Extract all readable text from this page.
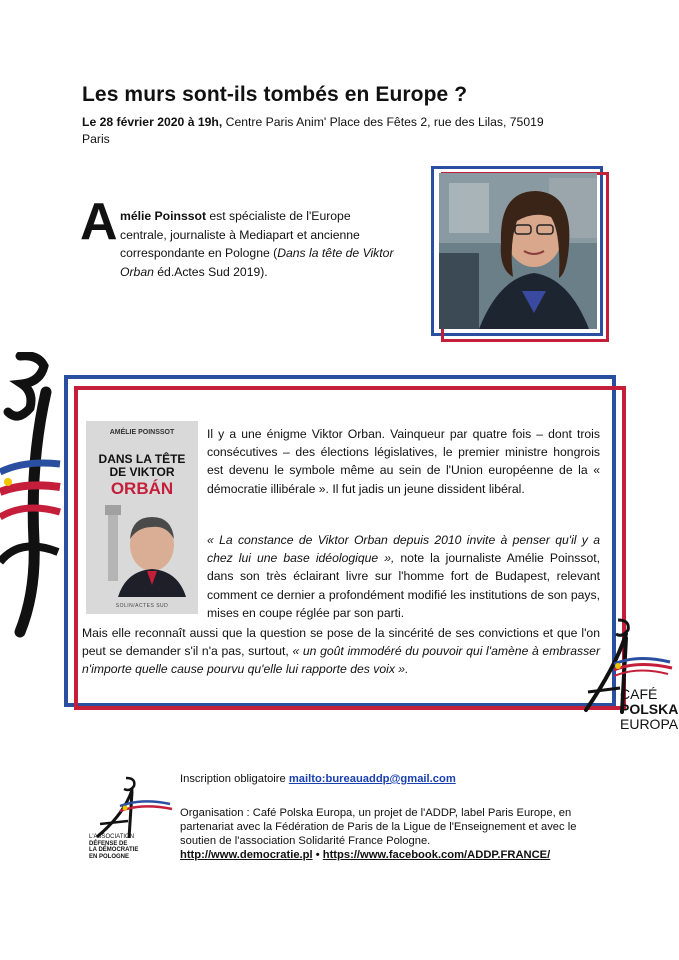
Les murs sont-ils tombés en Europe ?
Le 28 février 2020 à 19h, Centre Paris Anim' Place des Fêtes 2, rue des Lilas, 75019 Paris
A mélie Poinssot est spécialiste de l'Europe centrale, journaliste à Mediapart et ancienne correspondante en Pologne (Dans la tête de Viktor Orban éd.Actes Sud 2019).
AMÉLIE POINSSOT
DANS LA TÊTE
DE VIKTOR
ORBÁN
SOLIN/ACTES SUD
Il y a une énigme Viktor Orban. Vainqueur par quatre fois – dont trois consécutives – des élections législatives, le premier ministre hongrois est devenu le symbole même au sein de l'Union européenne de la « démocratie illibérale ». Il fut jadis un jeune dissident libéral.
« La constance de Viktor Orban depuis 2010 invite à penser qu'il y a chez lui une base idéologique », note la journaliste Amélie Poinssot, dans son très éclairant livre sur l'homme fort de Budapest, relevant comment ce dernier a profondément modifié les institutions de son pays, mises en coupe réglée par son parti.
Mais elle reconnaît aussi que la question se pose de la sincérité de ses convictions et que l'on peut se demander s'il n'a pas, surtout, « un goût immodéré du pouvoir qui l'amène à embrasser n'importe quelle cause pourvu qu'elle lui rapporte des voix ».
CAFÉ
POLSKA
EUROPA
L'ASSOCIATION
DÉFENSE DE
LA DÉMOCRATIE
EN POLOGNE
Inscription obligatoire mailto:bureauaddp@gmail.com
Organisation : Café Polska Europa, un projet de l'ADDP, label Paris Europe, en partenariat avec la Fédération de Paris de la Ligue de l'Enseignement et avec le soutien de l'association Solidarité France Pologne.
http://www.democratie.pl • https://www.facebook.com/ADDP.FRANCE/
